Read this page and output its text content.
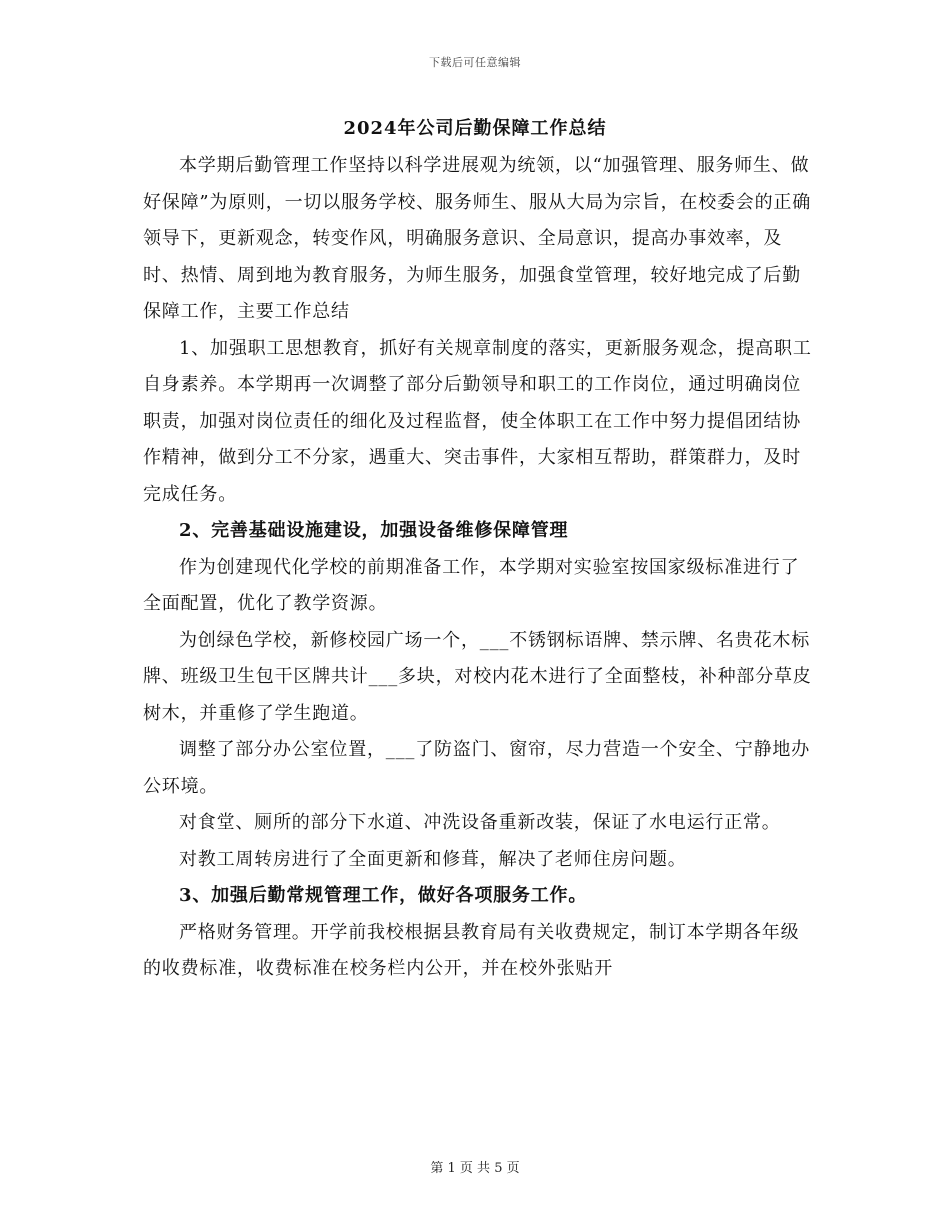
下载后可任意编辑
2024年公司后勤保障工作总结

本学期后勤管理工作坚持以科学进展观为统领，以“加强管理、服务师生、做好保障”为原则，一切以服务学校、服务师生、服从大局为宗旨，在校委会的正确领导下，更新观念，转变作风，明确服务意识、全局意识，提高办事效率，及时、热情、周到地为教育服务，为师生服务，加强食堂管理，较好地完成了后勤保障工作，主要工作总结

1、加强职工思想教育，抓好有关规章制度的落实，更新服务观念，提高职工自身素养。本学期再一次调整了部分后勤领导和职工的工作岗位，通过明确岗位职责，加强对岗位责任的细化及过程监督，使全体职工在工作中努力提倡团结协作精神，做到分工不分家，遇重大、突击事件，大家相互帮助，群策群力，及时完成任务。

2、完善基础设施建设，加强设备维修保障管理

作为创建现代化学校的前期准备工作，本学期对实验室按国家级标准进行了全面配置，优化了教学资源。

为创绿色学校，新修校园广场一个，___不锈钢标语牌、禁示牌、名贵花木标牌、班级卫生包干区牌共计___多块，对校内花木进行了全面整枝，补种部分草皮树木，并重修了学生跑道。

调整了部分办公室位置，___了防盗门、窗帘，尽力营造一个安全、宁静地办公环境。

对食堂、厕所的部分下水道、冲洗设备重新改装，保证了水电运行正常。

对教工周转房进行了全面更新和修葺，解决了老师住房问题。

3、加强后勤常规管理工作，做好各项服务工作。

严格财务管理。开学前我校根据县教育局有关收费规定，制订本学期各年级的收费标准，收费标准在校务栏内公开，并在校外张贴开

第 1 页 共 5 页
